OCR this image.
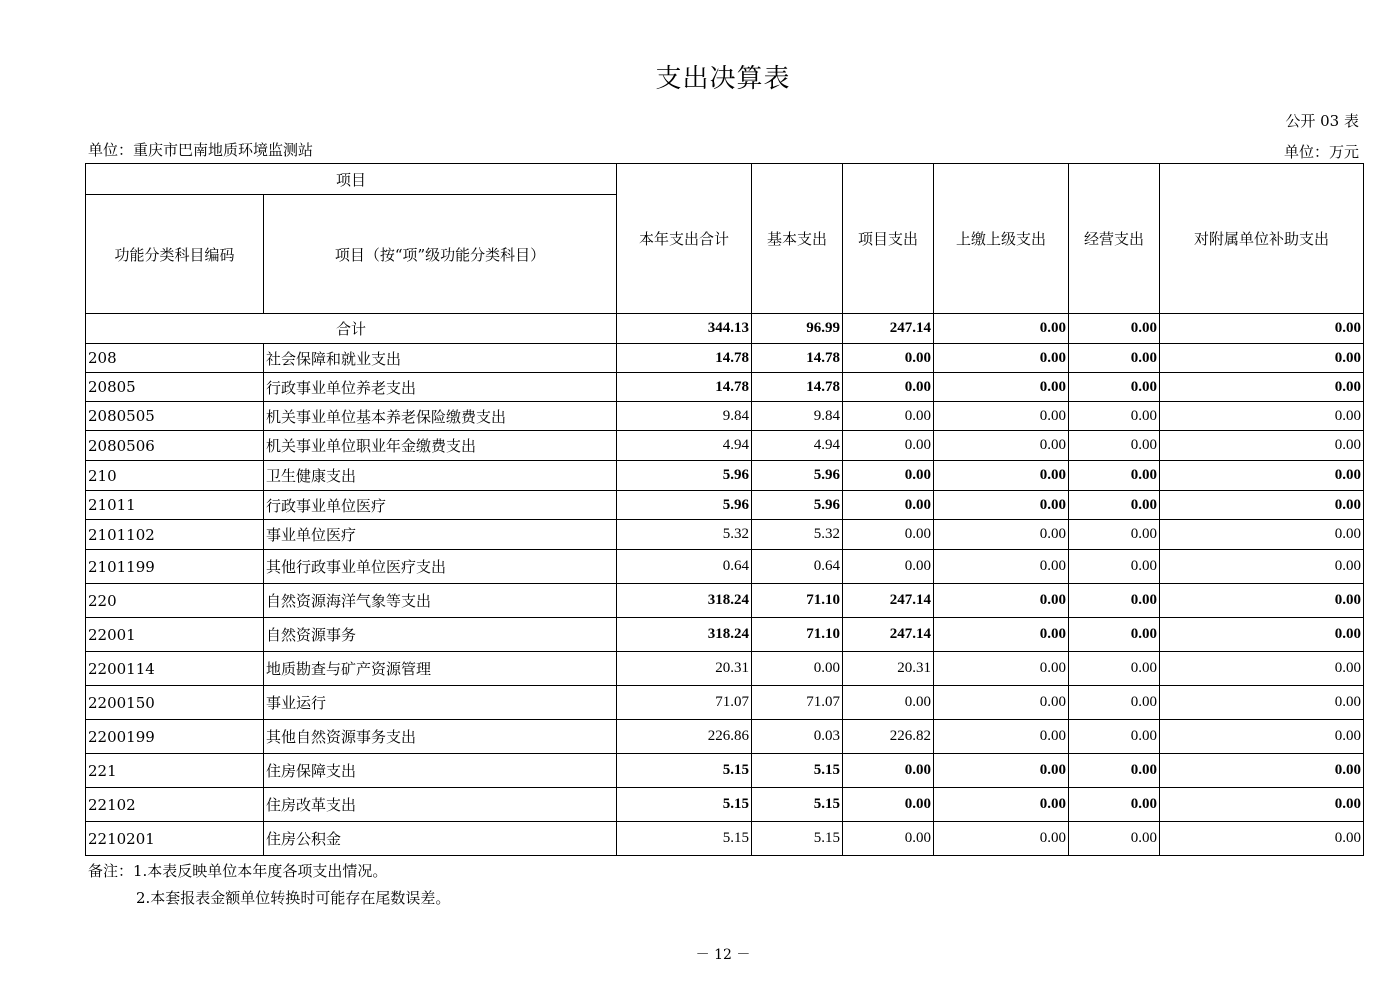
支出决算表
公开 03 表
单位：重庆市巴南地质环境监测站	单位：万元
项目		本年支出合计	基本支出	项目支出	上缴上级支出	经营支出	对附属单位补助支出
功能分类科目编码	项目（按“项”级功能分类科目）						
合计		344.13	96.99	247.14	0.00	0.00	0.00
208	社会保障和就业支出	14.78	14.78	0.00	0.00	0.00	0.00
20805	行政事业单位养老支出	14.78	14.78	0.00	0.00	0.00	0.00
2080505	机关事业单位基本养老保险缴费支出	9.84	9.84	0.00	0.00	0.00	0.00
2080506	机关事业单位职业年金缴费支出	4.94	4.94	0.00	0.00	0.00	0.00
210	卫生健康支出	5.96	5.96	0.00	0.00	0.00	0.00
21011	行政事业单位医疗	5.96	5.96	0.00	0.00	0.00	0.00
2101102	事业单位医疗	5.32	5.32	0.00	0.00	0.00	0.00
2101199	其他行政事业单位医疗支出	0.64	0.64	0.00	0.00	0.00	0.00
220	自然资源海洋气象等支出	318.24	71.10	247.14	0.00	0.00	0.00
22001	自然资源事务	318.24	71.10	247.14	0.00	0.00	0.00
2200114	地质勘查与矿产资源管理	20.31	0.00	20.31	0.00	0.00	0.00
2200150	事业运行	71.07	71.07	0.00	0.00	0.00	0.00
2200199	其他自然资源事务支出	226.86	0.03	226.82	0.00	0.00	0.00
221	住房保障支出	5.15	5.15	0.00	0.00	0.00	0.00
22102	住房改革支出	5.15	5.15	0.00	0.00	0.00	0.00
2210201	住房公积金	5.15	5.15	0.00	0.00	0.00	0.00
备注：1.本表反映单位本年度各项支出情况。
2.本套报表金额单位转换时可能存在尾数误差。
－ 12 －
